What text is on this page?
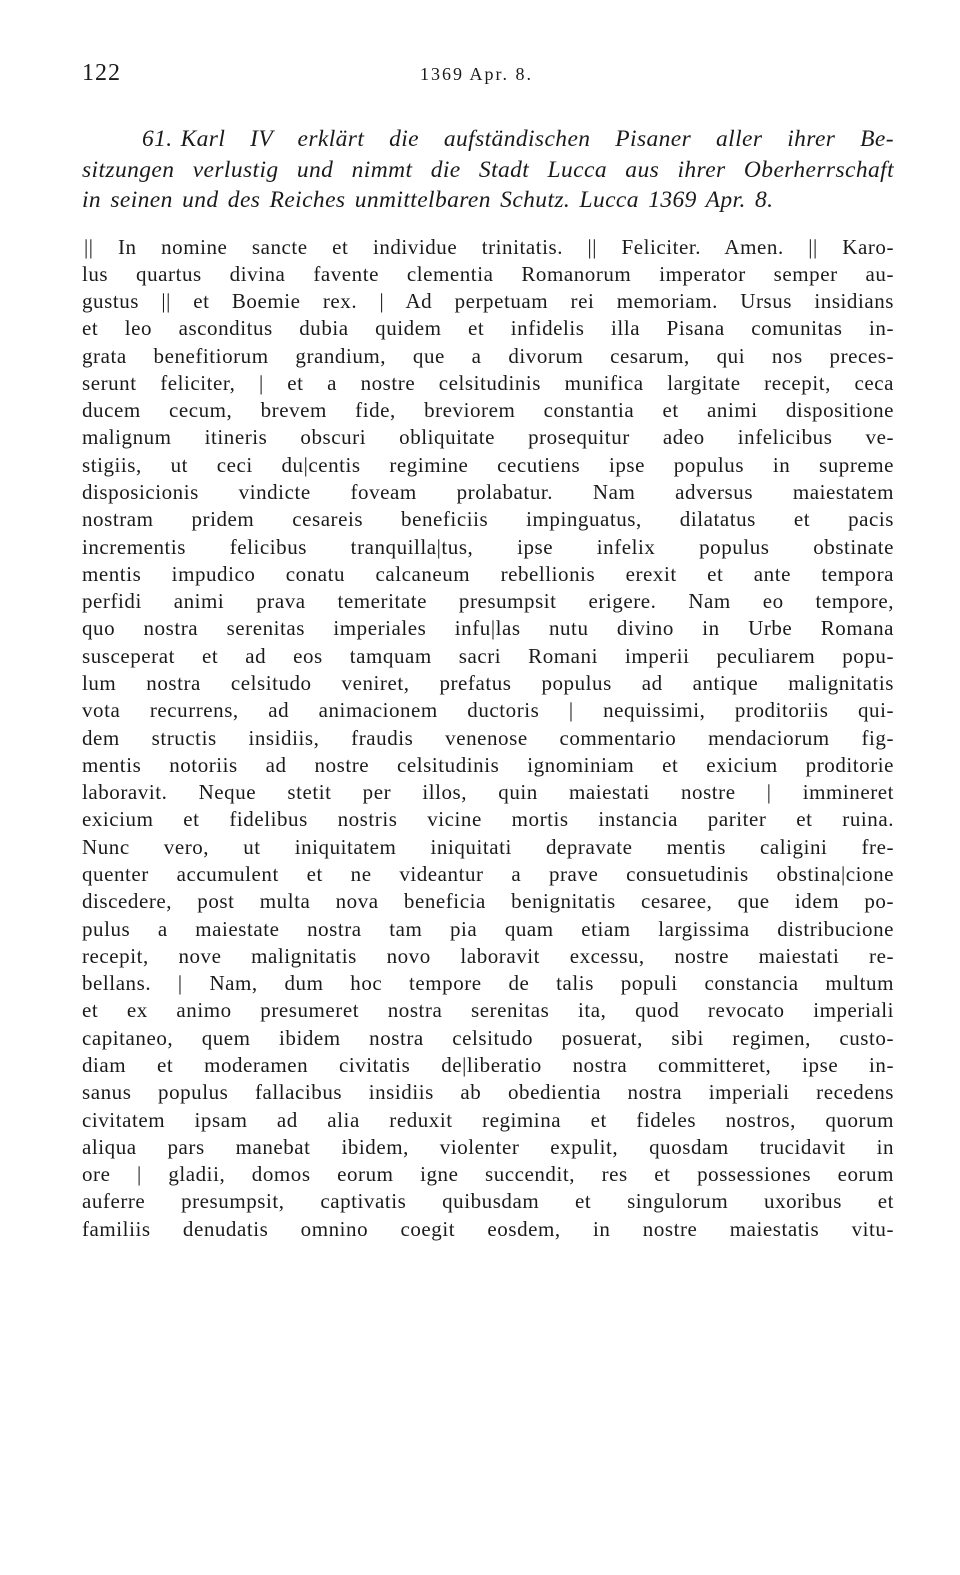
122	1369 Apr. 8.
61. Karl IV erklärt die aufständischen Pisaner aller ihrer Be-
sitzungen verlustig und nimmt die Stadt Lucca aus ihrer Oberherrschaft
in seinen und des Reiches unmittelbaren Schutz. Lucca 1369 Apr. 8.
|| In nomine sancte et individue trinitatis. || Feliciter. Amen. || Karo-
lus quartus divina favente clementia Romanorum imperator semper au-
gustus || et Boemie rex. | Ad perpetuam rei memoriam. Ursus insidians
et leo asconditus dubia quidem et infidelis illa Pisana comunitas in-
grata benefitiorum grandium, que a divorum cesarum, qui nos preces-
serunt feliciter, | et a nostre celsitudinis munifica largitate recepit, ceca
ducem cecum, brevem fide, breviorem constantia et animi dispositione
malignum itineris obscuri obliquitate prosequitur adeo infelicibus ve-
stigiis, ut ceci du|centis regimine cecutiens ipse populus in supreme
disposicionis vindicte foveam prolabatur. Nam adversus maiestatem
nostram pridem cesareis beneficiis impinguatus, dilatatus et pacis
incrementis felicibus tranquilla|tus, ipse infelix populus obstinate
mentis impudico conatu calcaneum rebellionis erexit et ante tempora
perfidi animi prava temeritate presumpsit erigere. Nam eo tempore,
quo nostra serenitas imperiales infu|las nutu divino in Urbe Romana
susceperat et ad eos tamquam sacri Romani imperii peculiarem popu-
lum nostra celsitudo veniret, prefatus populus ad antique malignitatis
vota recurrens, ad animacionem ductoris | nequissimi, proditoriis qui-
dem structis insidiis, fraudis venenose commentario mendaciorum fig-
mentis notoriis ad nostre celsitudinis ignominiam et exicium proditorie
laboravit. Neque stetit per illos, quin maiestati nostre | immineret
exicium et fidelibus nostris vicine mortis instancia pariter et ruina.
Nunc vero, ut iniquitatem iniquitati depravate mentis caligini fre-
quenter accumulent et ne videantur a prave consuetudinis obstina|cione
discedere, post multa nova beneficia benignitatis cesaree, que idem po-
pulus a maiestate nostra tam pia quam etiam largissima distribucione
recepit, nove malignitatis novo laboravit excessu, nostre maiestati re-
bellans. | Nam, dum hoc tempore de talis populi constancia multum
et ex animo presumeret nostra serenitas ita, quod revocato imperiali
capitaneo, quem ibidem nostra celsitudo posuerat, sibi regimen, custo-
diam et moderamen civitatis de|liberatio nostra committeret, ipse in-
sanus populus fallacibus insidiis ab obedientia nostra imperiali recedens
civitatem ipsam ad alia reduxit regimina et fideles nostros, quorum
aliqua pars manebat ibidem, violenter expulit, quosdam trucidavit in
ore | gladii, domos eorum igne succendit, res et possessiones eorum
auferre presumpsit, captivatis quibusdam et singulorum uxoribus et
familiis denudatis omnino coegit eosdem, in nostre maiestatis vitu-
